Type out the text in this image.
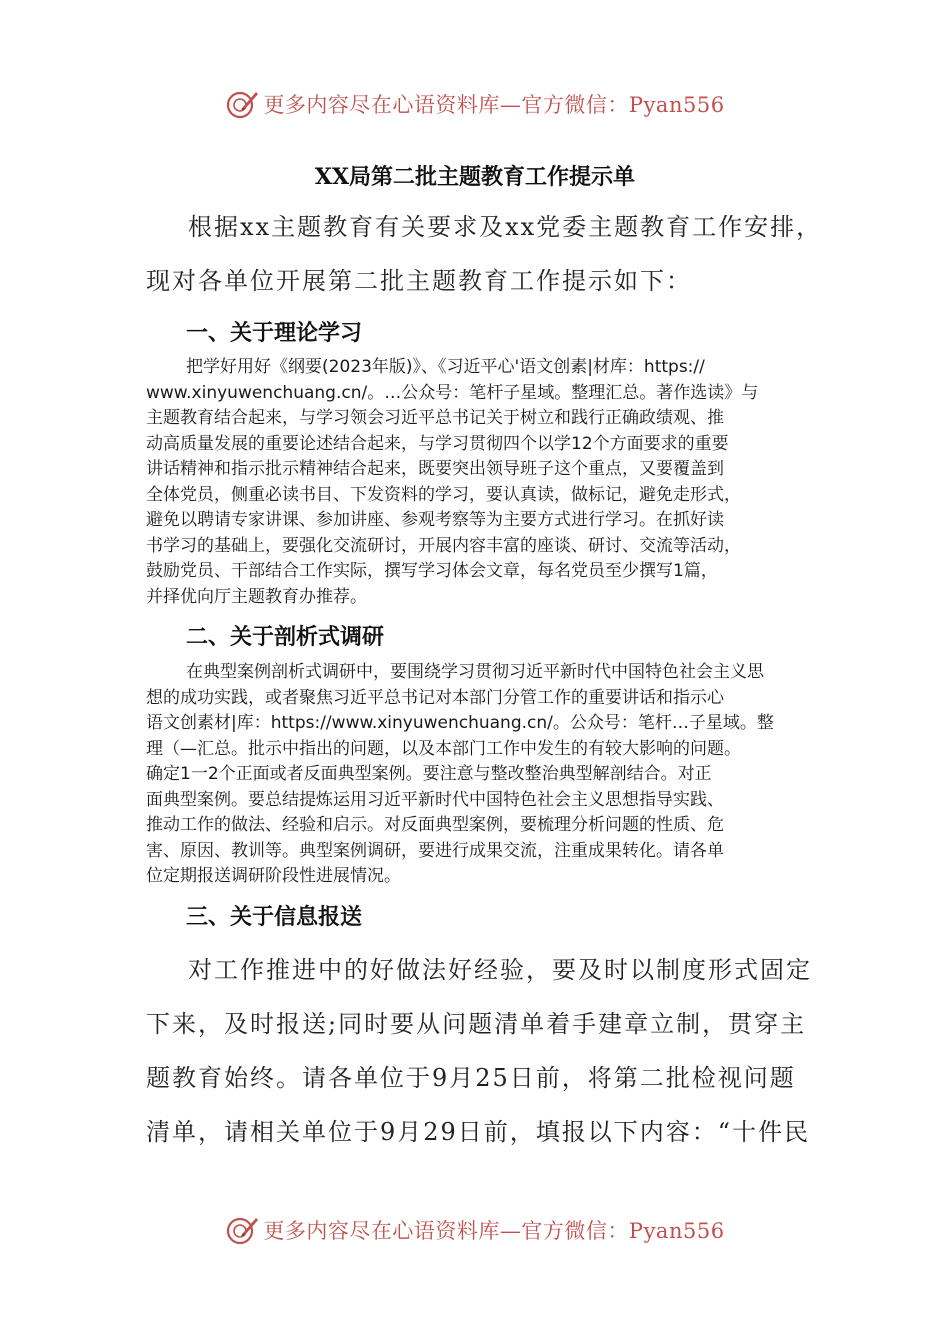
更多内容尽在心语资料库—官方微信：Pyan556
XX局第二批主题教育工作提示单
根据xx主题教育有关要求及xx党委主题教育工作安排，
现对各单位开展第二批主题教育工作提示如下：
一、关于理论学习
把学好用好《纲要(2023年版)》、《习近平心'语文创素|材库：https://
www.xinyuwenchuang.cn/。…公众号：笔杆子星域。整理汇总。著作选读》与
主题教育结合起来，与学习领会习近平总书记关于树立和践行正确政绩观、推
动高质量发展的重要论述结合起来，与学习贯彻四个以学12个方面要求的重要
讲话精神和指示批示精神结合起来，既要突出领导班子这个重点，又要覆盖到
全体党员，侧重必读书目、下发资料的学习，要认真读，做标记，避免走形式，
避免以聘请专家讲课、参加讲座、参观考察等为主要方式进行学习。在抓好读
书学习的基础上，要强化交流研讨，开展内容丰富的座谈、研讨、交流等活动，
鼓励党员、干部结合工作实际，撰写学习体会文章，每名党员至少撰写1篇，
并择优向厅主题教育办推荐。
二、关于剖析式调研
在典型案例剖析式调研中，要围绕学习贯彻习近平新时代中国特色社会主义思
想的成功实践，或者聚焦习近平总书记对本部门分管工作的重要讲话和指示心
语文创素材|库：https://www.xinyuwenchuang.cn/。公众号：笔杆…子星域。整
理（—汇总。批示中指出的问题，以及本部门工作中发生的有较大影响的问题。
确定1一2个正面或者反面典型案例。要注意与整改整治典型解剖结合。对正
面典型案例。要总结提炼运用习近平新时代中国特色社会主义思想指导实践、
推动工作的做法、经验和启示。对反面典型案例，要梳理分析问题的性质、危
害、原因、教训等。典型案例调研，要进行成果交流，注重成果转化。请各单
位定期报送调研阶段性进展情况。
三、关于信息报送
对工作推进中的好做法好经验，要及时以制度形式固定
下来，及时报送;同时要从问题清单着手建章立制，贯穿主
题教育始终。请各单位于9月25日前，将第二批检视问题
清单，请相关单位于9月29日前，填报以下内容：“十件民
更多内容尽在心语资料库—官方微信：Pyan556
